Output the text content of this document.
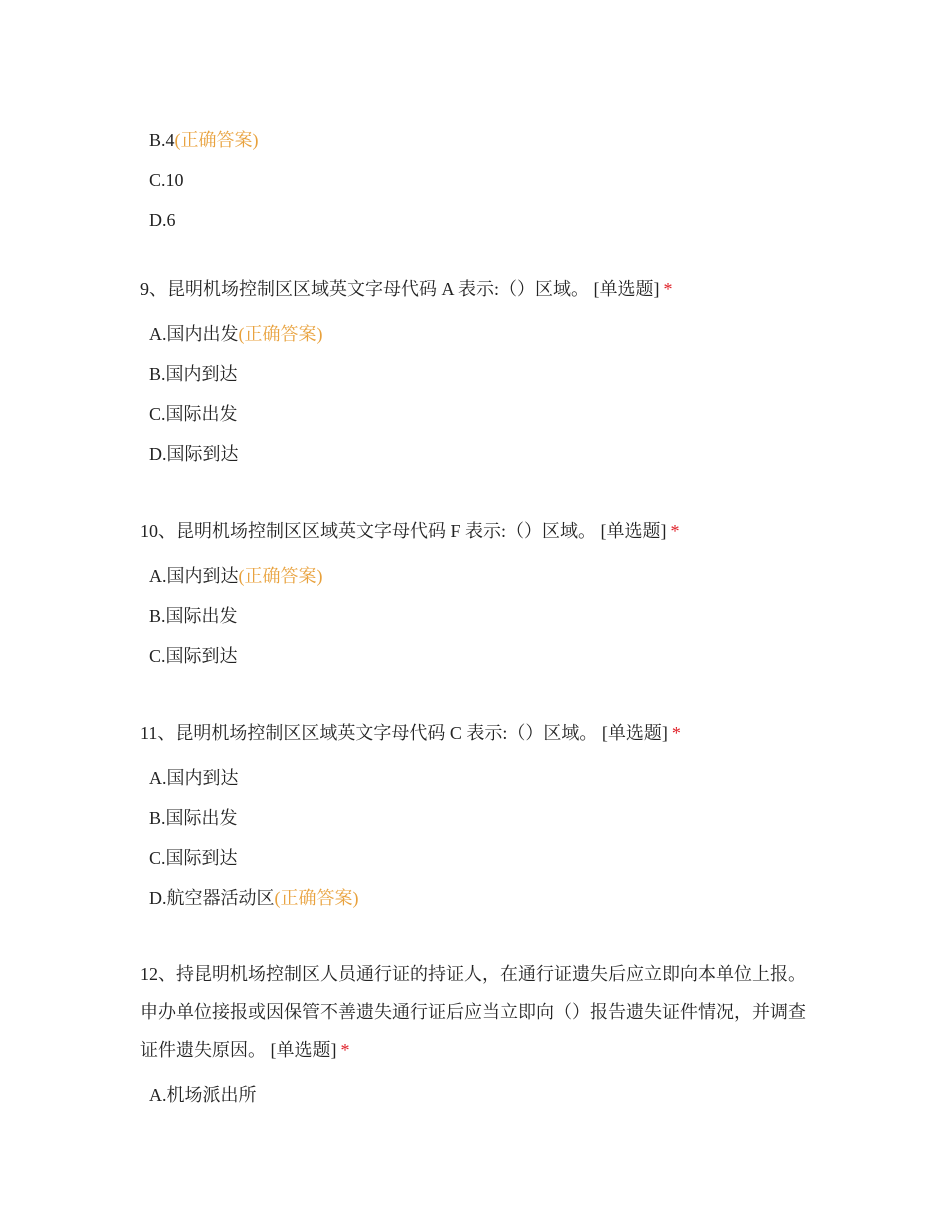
B.4(正确答案)
C.10
D.6

9、昆明机场控制区区域英文字母代码 A 表示:（）区域。 [单选题] *

A.国内出发(正确答案)
B.国内到达
C.国际出发
D.国际到达

10、昆明机场控制区区域英文字母代码 F 表示:（）区域。 [单选题] *

A.国内到达(正确答案)
B.国际出发
C.国际到达

11、昆明机场控制区区域英文字母代码 C 表示:（）区域。 [单选题] *

A.国内到达
B.国际出发
C.国际到达
D.航空器活动区(正确答案)

12、持昆明机场控制区人员通行证的持证人，在通行证遗失后应立即向本单位上报。 申办单位接报或因保管不善遗失通行证后应当立即向（）报告遗失证件情况，并调查证件遗失原因。 [单选题] *

A.机场派出所
